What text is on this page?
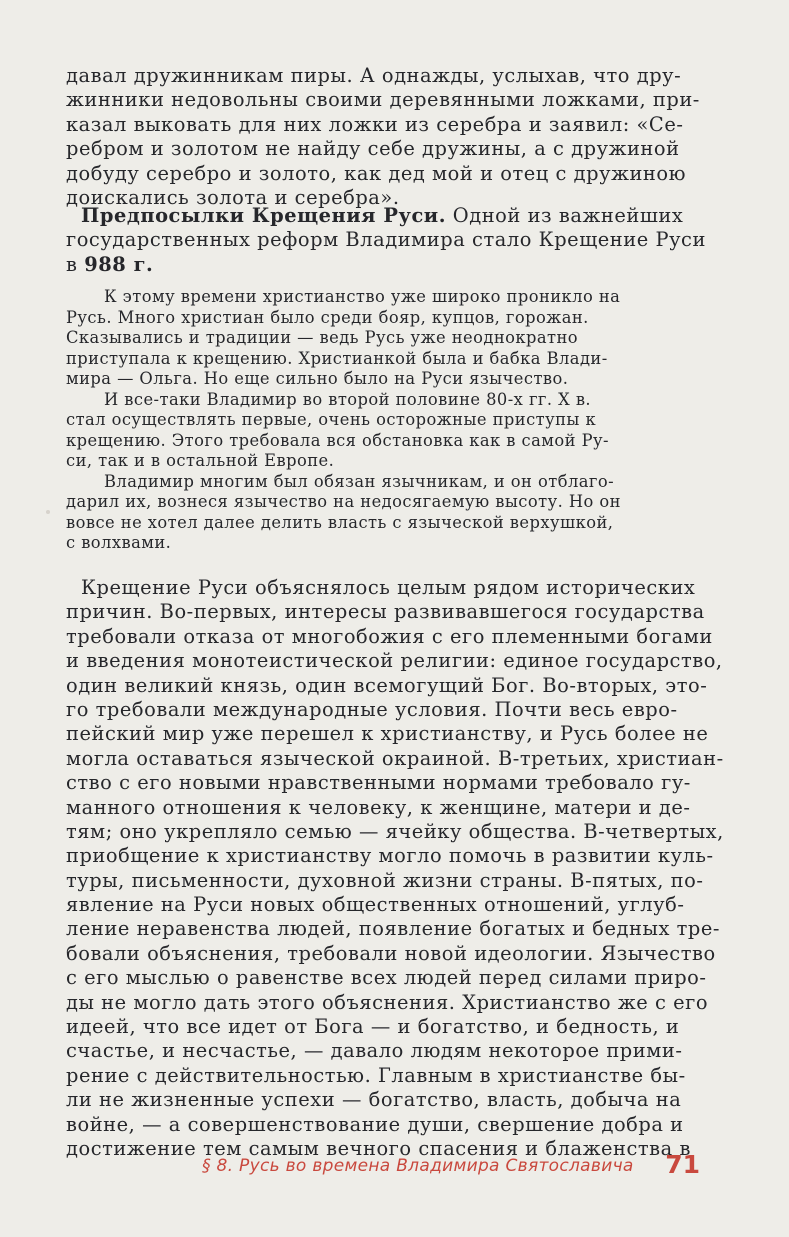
давал дружинникам пиры. А однажды, услыхав, что дру-
жинники недовольны своими деревянными ложками, при-
казал выковать для них ложки из серебра и заявил: «Се-
ребром и золотом не найду себе дружины, а с дружиной
добуду серебро и золото, как дед мой и отец с дружиною
доискались золота и серебра».
Предпосылки Крещения Руси. Одной из важнейших
государственных реформ Владимира стало Крещение Руси
в 988 г.
К этому времени христианство уже широко проникло на
Русь. Много христиан было среди бояр, купцов, горожан.
Сказывались и традиции — ведь Русь уже неоднократно
приступала к крещению. Христианкой была и бабка Влади-
мира — Ольга. Но еще сильно было на Руси язычество.
И все-таки Владимир во второй половине 80-х гг. X в.
стал осуществлять первые, очень осторожные приступы к
крещению. Этого требовала вся обстановка как в самой Ру-
си, так и в остальной Европе.
Владимир многим был обязан язычникам, и он отблаго-
дарил их, вознеся язычество на недосягаемую высоту. Но он
вовсе не хотел далее делить власть с языческой верхушкой,
с волхвами.
Крещение Руси объяснялось целым рядом исторических
причин. Во-первых, интересы развивавшегося государства
требовали отказа от многобожия с его племенными богами
и введения монотеистической религии: единое государство,
один великий князь, один всемогущий Бог. Во-вторых, это-
го требовали международные условия. Почти весь евро-
пейский мир уже перешел к христианству, и Русь более не
могла оставаться языческой окраиной. В-третьих, христиан-
ство с его новыми нравственными нормами требовало гу-
манного отношения к человеку, к женщине, матери и де-
тям; оно укрепляло семью — ячейку общества. В-четвертых,
приобщение к христианству могло помочь в развитии куль-
туры, письменности, духовной жизни страны. В-пятых, по-
явление на Руси новых общественных отношений, углуб-
ление неравенства людей, появление богатых и бедных тре-
бовали объяснения, требовали новой идеологии. Язычество
с его мыслью о равенстве всех людей перед силами приро-
ды не могло дать этого объяснения. Христианство же с его
идеей, что все идет от Бога — и богатство, и бедность, и
счастье, и несчастье, — давало людям некоторое прими-
рение с действительностью. Главным в христианстве бы-
ли не жизненные успехи — богатство, власть, добыча на
войне, — а совершенствование души, свершение добра и
достижение тем самым вечного спасения и блаженства в
§ 8. Русь во времена Владимира Святославича 71
